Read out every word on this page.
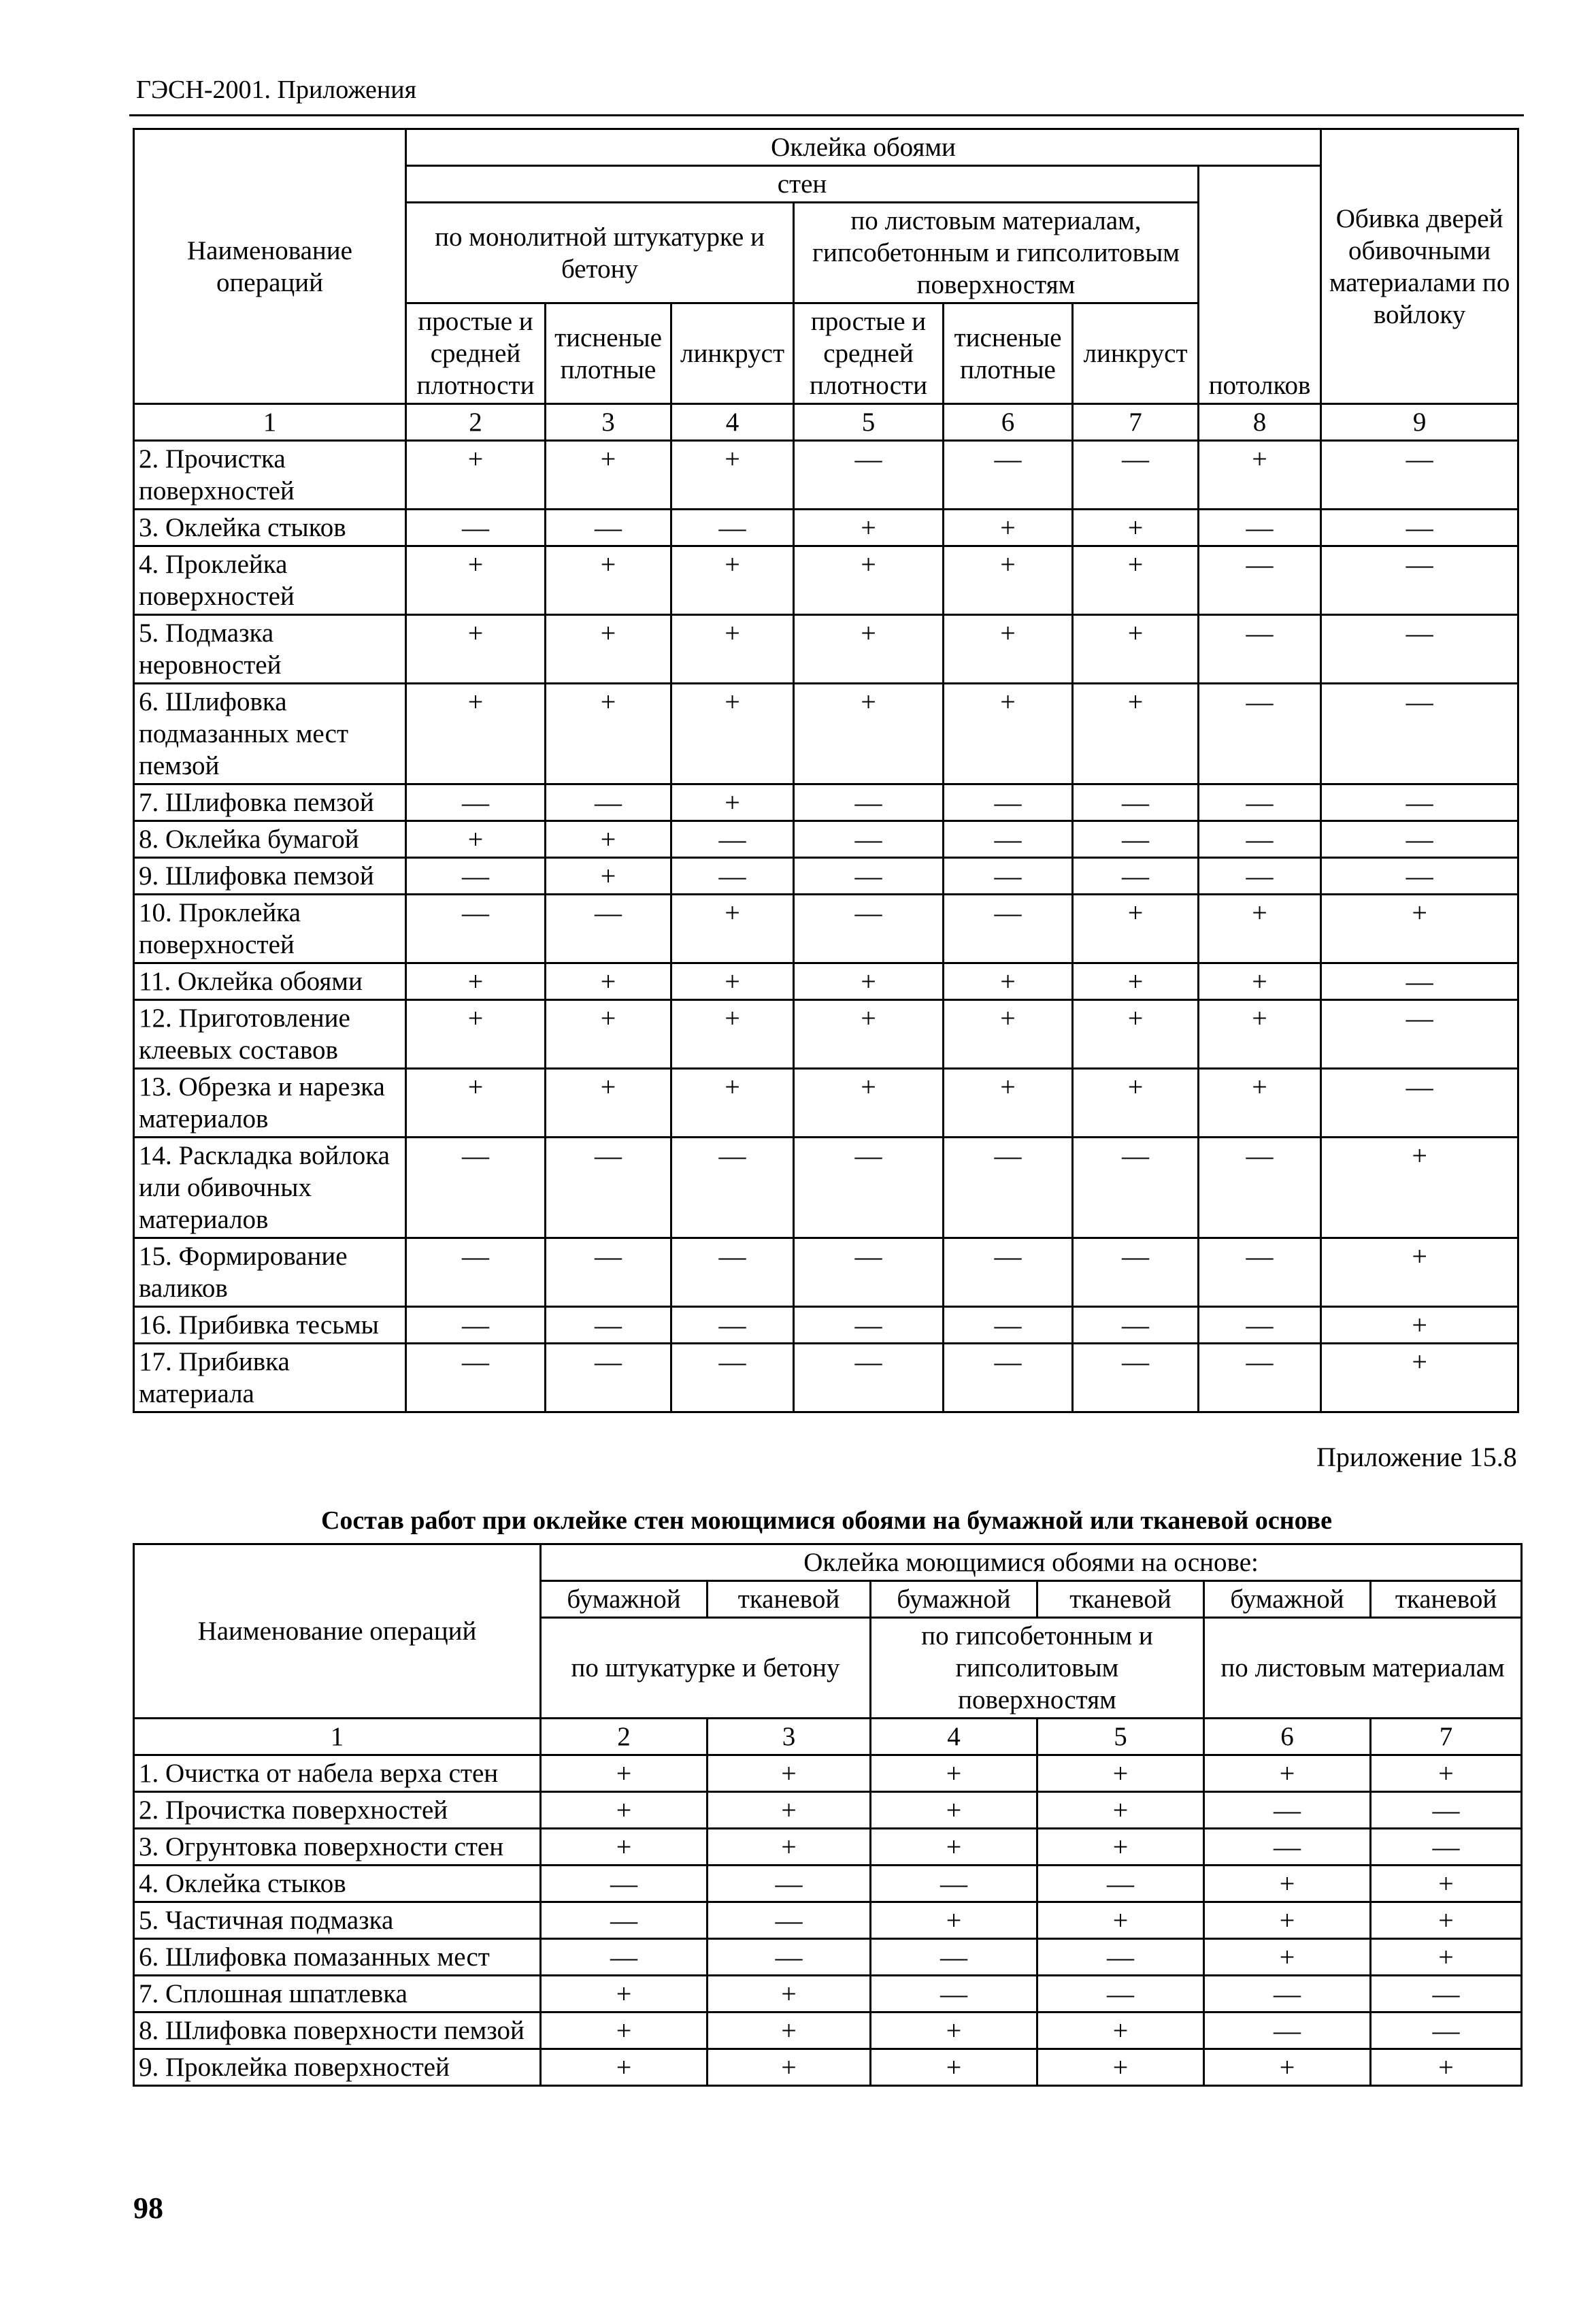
ГЭСН-2001. Приложения
Наименование операций	Оклейка обоями							Обивка дверей обивочными материалами по войлоку
	стен						потолков	
	по монолитной штукатурке и бетону			по листовым материалам, гипсобетонным и гипсолитовым поверхностям				
	простые и средней плотности	тисненые плотные	линкруст	простые и средней плотности	тисненые плотные	линкруст		
1	2	3	4	5	6	7	8	9
2. Прочистка поверхностей	+	+	+	—	—	—	+	—
3. Оклейка стыков	—	—	—	+	+	+	—	—
4. Проклейка поверхностей	+	+	+	+	+	+	—	—
5. Подмазка неровностей	+	+	+	+	+	+	—	—
6. Шлифовка подмазанных мест пемзой	+	+	+	+	+	+	—	—
7. Шлифовка пемзой	—	—	+	—	—	—	—	—
8. Оклейка бумагой	+	+	—	—	—	—	—	—
9. Шлифовка пемзой	—	+	—	—	—	—	—	—
10. Проклейка поверхностей	—	—	+	—	—	+	+	+
11. Оклейка обоями	+	+	+	+	+	+	+	—
12. Приготовление клеевых составов	+	+	+	+	+	+	+	—
13. Обрезка и нарезка материалов	+	+	+	+	+	+	+	—
14. Раскладка войлока или обивочных материалов	—	—	—	—	—	—	—	+
15. Формирование валиков	—	—	—	—	—	—	—	+
16. Прибивка тесьмы	—	—	—	—	—	—	—	+
17. Прибивка материала	—	—	—	—	—	—	—	+
Приложение 15.8
Состав работ при оклейке стен моющимися обоями на бумажной или тканевой основе
Наименование операций	Оклейка моющимися обоями на основе:					
	бумажной	тканевой	бумажной	тканевой	бумажной	тканевой
	по штукатурке и бетону		по гипсобетонным и гипсолитовым поверхностям		по листовым материалам	
1	2	3	4	5	6	7
1. Очистка от набела верха стен	+	+	+	+	+	+
2. Прочистка поверхностей	+	+	+	+	—	—
3. Огрунтовка поверхности стен	+	+	+	+	—	—
4. Оклейка стыков	—	—	—	—	+	+
5. Частичная подмазка	—	—	+	+	+	+
6. Шлифовка помазанных мест	—	—	—	—	+	+
7. Сплошная шпатлевка	+	+	—	—	—	—
8. Шлифовка поверхности пемзой	+	+	+	+	—	—
9. Проклейка поверхностей	+	+	+	+	+	+
98
